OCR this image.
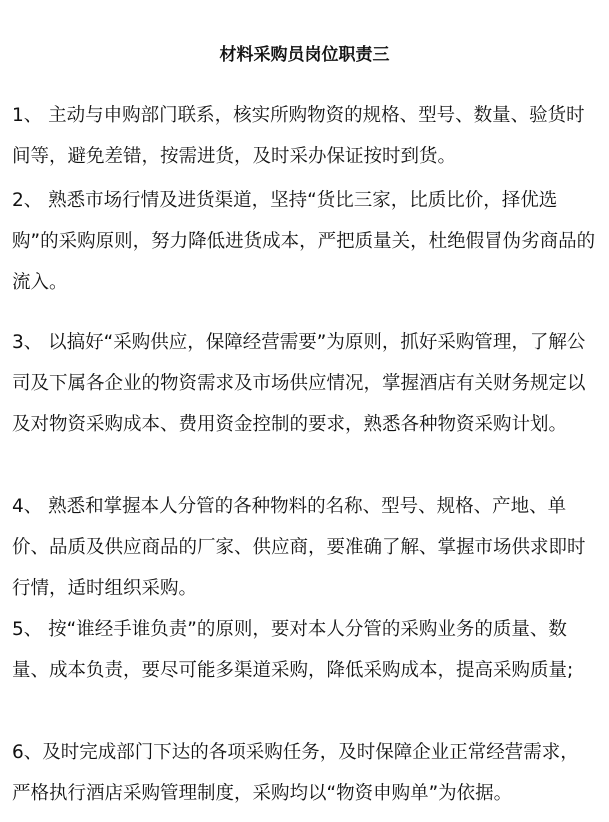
材料采购员岗位职责三
1、 主动与申购部门联系，核实所购物资的规格、型号、数量、验货时间等，避免差错，按需进货，及时采办保证按时到货。
2、 熟悉市场行情及进货渠道，坚持“货比三家，比质比价，择优选购”的采购原则，努力降低进货成本，严把质量关，杜绝假冒伪劣商品的流入。
3、 以搞好“采购供应，保障经营需要”为原则，抓好采购管理，了解公司及下属各企业的物资需求及市场供应情况，掌握酒店有关财务规定以及对物资采购成本、费用资金控制的要求，熟悉各种物资采购计划。
4、 熟悉和掌握本人分管的各种物料的名称、型号、规格、产地、单价、品质及供应商品的厂家、供应商，要准确了解、掌握市场供求即时行情，适时组织采购。
5、 按“谁经手谁负责”的原则，要对本人分管的采购业务的质量、数量、成本负责，要尽可能多渠道采购，降低采购成本，提高采购质量;
6、及时完成部门下达的各项采购任务，及时保障企业正常经营需求，严格执行酒店采购管理制度，采购均以“物资申购单”为依据。
